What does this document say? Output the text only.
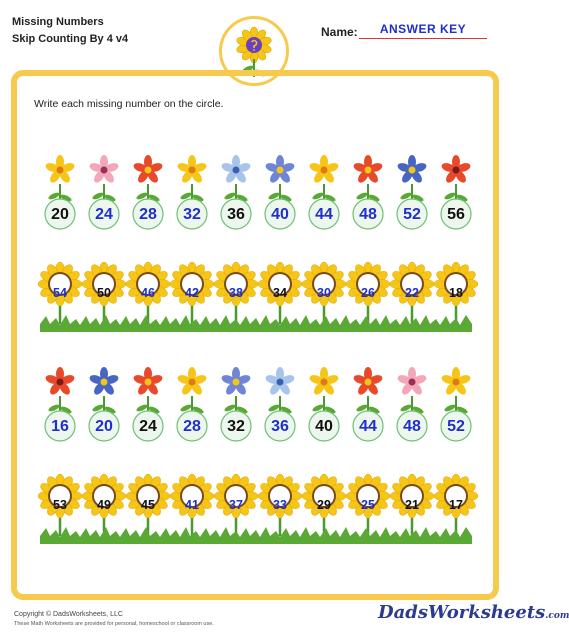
Missing Numbers
Skip Counting By 4 v4	Name:	ANSWER KEY
Write each missing number on the circle.
20	24	28	32	36	40	44	48	52	56
54	50	46	42	38	34	30	26	22	18
16	20	24	28	32	36	40	44	48	52
53	49	45	41	37	33	29	25	21	17
Copyright © DadsWorksheets, LLC
These Math Worksheets are provided for personal, homeschool or classroom use.
DadsWorksheets.com
